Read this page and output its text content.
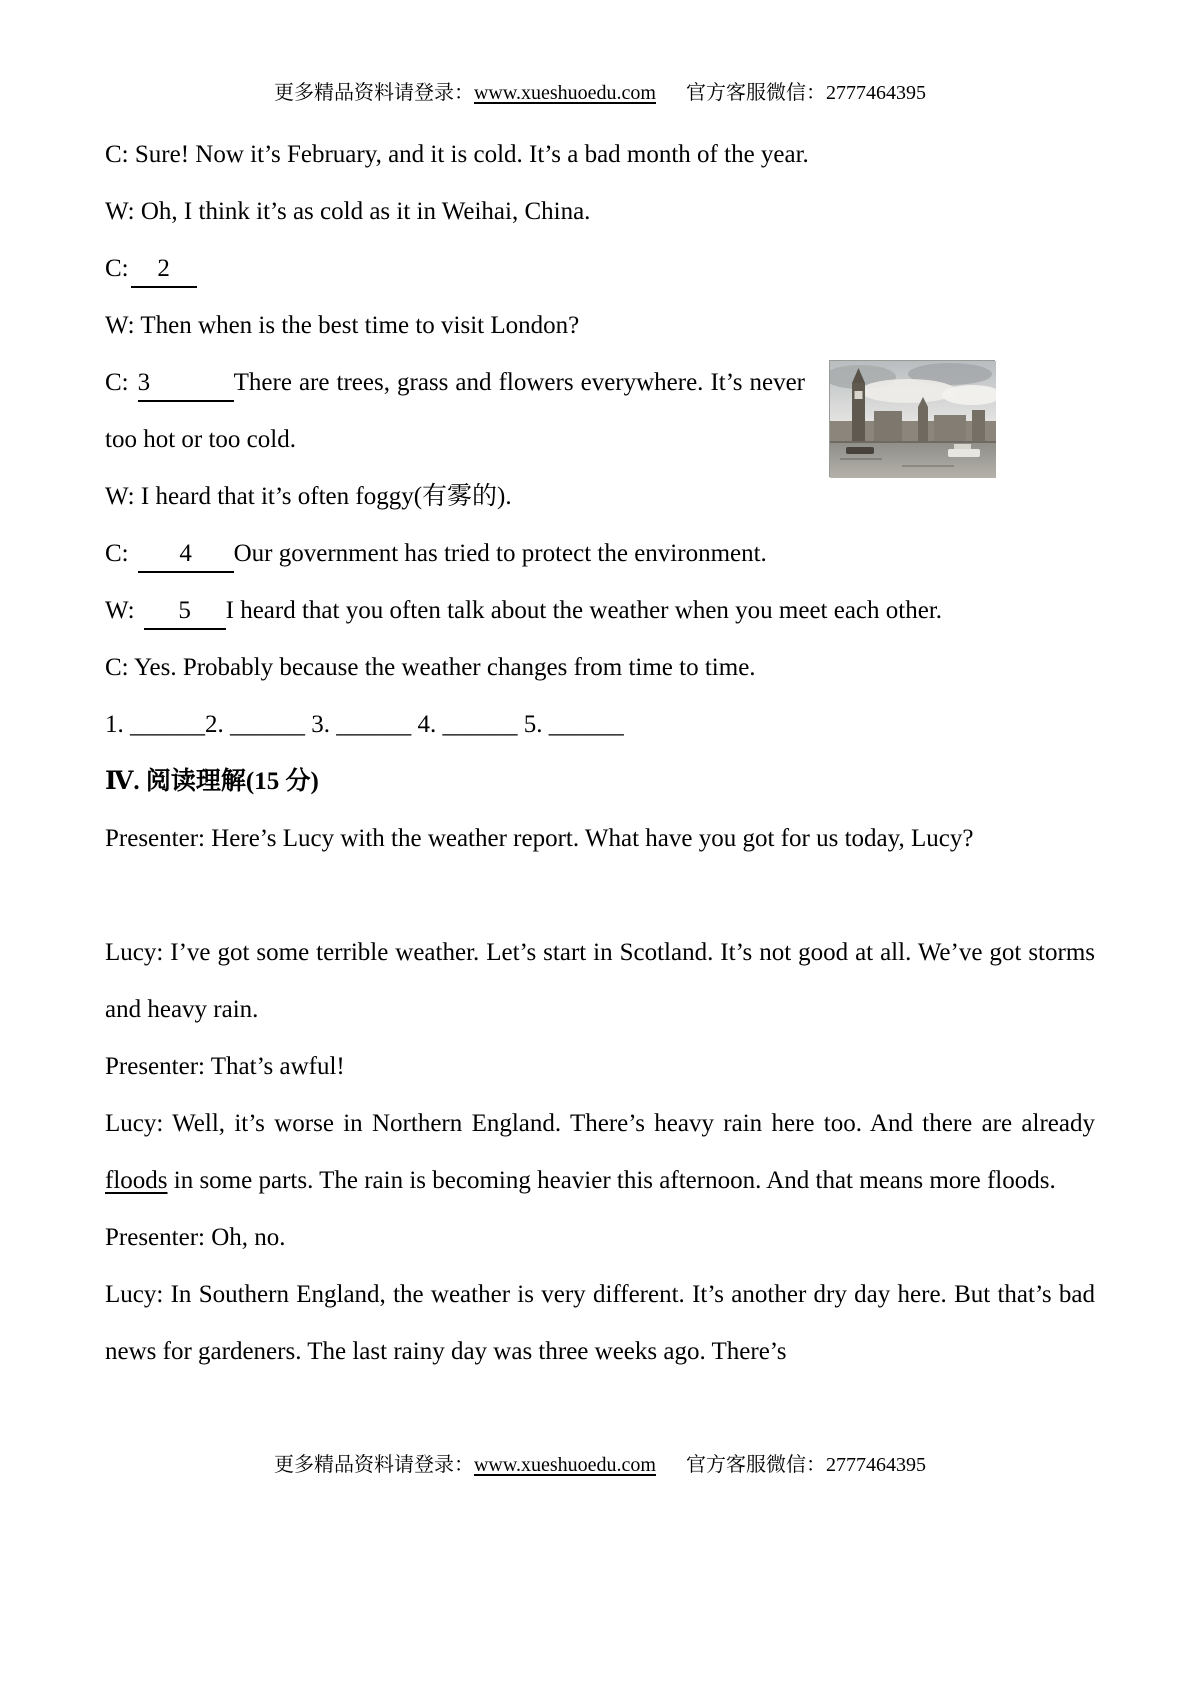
更多精品资料请登录：www.xueshuoedu.com 官方客服微信：2777464395

C: Sure! Now it’s February, and it is cold. It’s a bad month of the year.

W: Oh, I think it’s as cold as it in Weihai, China.

C: 2

W: Then when is the best time to visit London?

C: 3	There are trees, grass and flowers everywhere. It’s never too hot or too cold.

W: I heard that it’s often foggy(有雾的).

C: 4 Our government has tried to protect the environment.

W: 5 I heard that you often talk about the weather when you meet each other.

C: Yes. Probably because the weather changes from time to time.

1. ______2. ______ 3. ______ 4. ______ 5. ______

Ⅳ. 阅读理解(15 分)

Presenter: Here’s Lucy with the weather report. What have you got for us today, Lucy?

Lucy: I’ve got some terrible weather. Let’s start in Scotland. It’s not good at all. We’ve got storms and heavy rain.

Presenter: That’s awful!

Lucy: Well, it’s worse in Northern England. There’s heavy rain here too. And there are already floods in some parts. The rain is becoming heavier this afternoon. And that means more floods.

Presenter: Oh, no.

Lucy: In Southern England, the weather is very different. It’s another dry day here. But that’s bad news for gardeners. The last rainy day was three weeks ago. There’s

更多精品资料请登录：www.xueshuoedu.com 官方客服微信：2777464395
